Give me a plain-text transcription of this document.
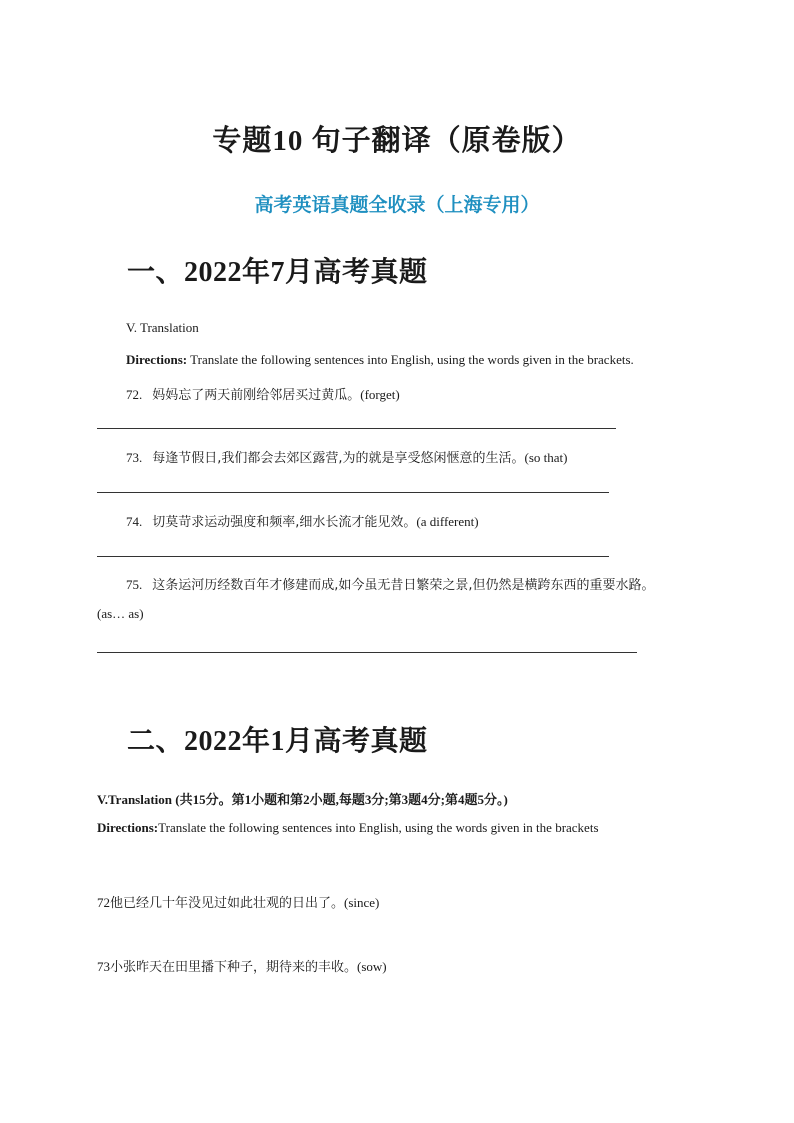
专题10 句子翻译（原卷版）
高考英语真题全收录（上海专用）
一、2022年7月高考真题
V. Translation
Directions: Translate the following sentences into English, using the words given in the brackets.
72. 妈妈忘了两天前刚给邻居买过黄瓜。(forget)
73. 每逢节假日,我们都会去郊区露营,为的就是享受悠闲惬意的生活。(so that)
74. 切莫苛求运动强度和频率,细水长流才能见效。(a different)
75. 这条运河历经数百年才修建而成,如今虽无昔日繁荣之景,但仍然是横跨东西的重要水路。
(as… as)
二、2022年1月高考真题
V.Translation (共15分。第1小题和第2小题,每题3分;第3题4分;第4题5分。)
Directions:Translate the following sentences into English, using the words given in the brackets
72他已经几十年没见过如此壮观的日出了。(since)
73小张昨天在田里播下种子，期待来的丰收。(sow)
